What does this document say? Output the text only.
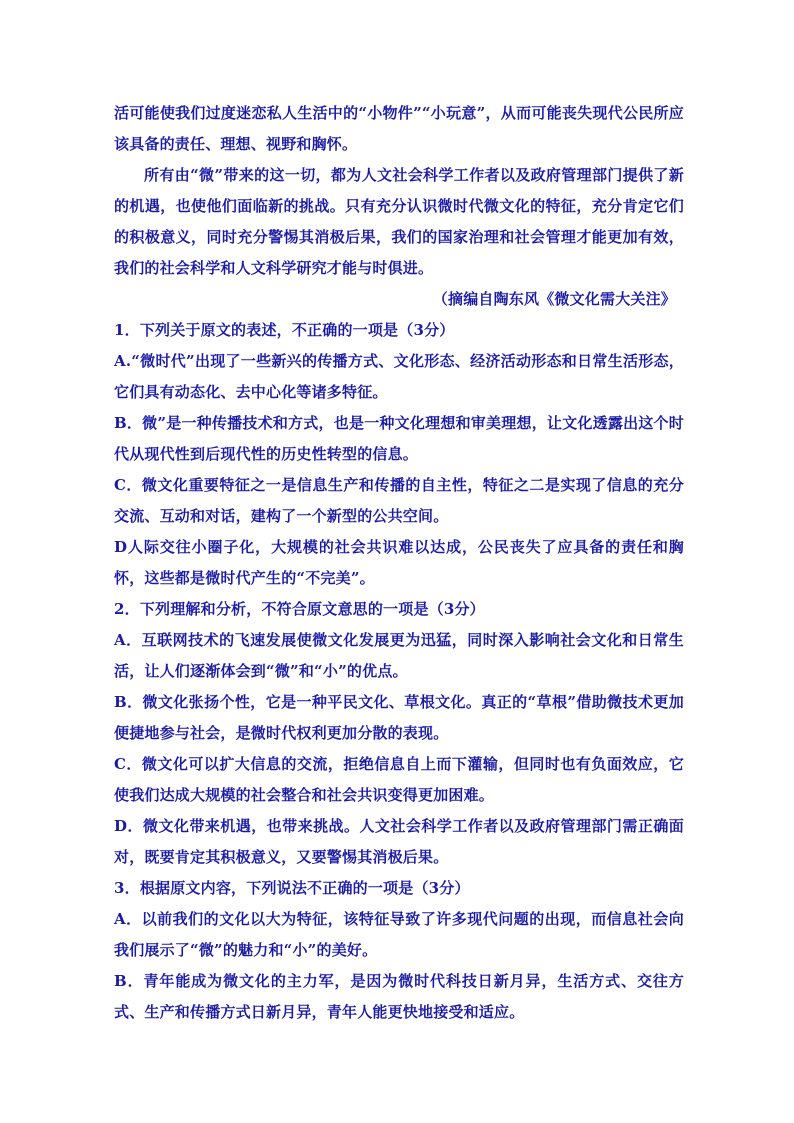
活可能使我们过度迷恋私人生活中的“小物件”“小玩意”，从而可能丧失现代公民所应该具备的责任、理想、视野和胸怀。

所有由“微”带来的这一切，都为人文社会科学工作者以及政府管理部门提供了新的机遇，也使他们面临新的挑战。只有充分认识微时代微文化的特征，充分肯定它们的积极意义，同时充分警惕其消极后果，我们的国家治理和社会管理才能更加有效，我们的社会科学和人文科学研究才能与时俱进。

（摘编自陶东风《微文化需大关注》

1．下列关于原文的表述，不正确的一项是（3分）

A.“微时代”出现了一些新兴的传播方式、文化形态、经济活动形态和日常生活形态，它们具有动态化、去中心化等诸多特征。

B．微”是一种传播技术和方式，也是一种文化理想和审美理想，让文化透露出这个时代从现代性到后现代性的历史性转型的信息。

C．微文化重要特征之一是信息生产和传播的自主性，特征之二是实现了信息的充分交流、互动和对话，建构了一个新型的公共空间。

D人际交往小圈子化，大规模的社会共识难以达成，公民丧失了应具备的责任和胸怀，这些都是微时代产生的“不完美”。

2．下列理解和分析，不符合原文意思的一项是（3分）

A．互联网技术的飞速发展使微文化发展更为迅猛，同时深入影响社会文化和日常生活，让人们逐渐体会到“微”和“小”的优点。

B．微文化张扬个性，它是一种平民文化、草根文化。真正的“草根”借助微技术更加便捷地参与社会，是微时代权利更加分散的表现。

C．微文化可以扩大信息的交流，拒绝信息自上而下灌输，但同时也有负面效应，它使我们达成大规模的社会整合和社会共识变得更加困难。

D．微文化带来机遇，也带来挑战。人文社会科学工作者以及政府管理部门需正确面对，既要肯定其积极意义，又要警惕其消极后果。

3．根据原文内容，下列说法不正确的一项是（3分）

A．以前我们的文化以大为特征，该特征导致了许多现代问题的出现，而信息社会向我们展示了“微”的魅力和“小”的美好。

B．青年能成为微文化的主力军，是因为微时代科技日新月异，生活方式、交往方式、生产和传播方式日新月异，青年人能更快地接受和适应。
